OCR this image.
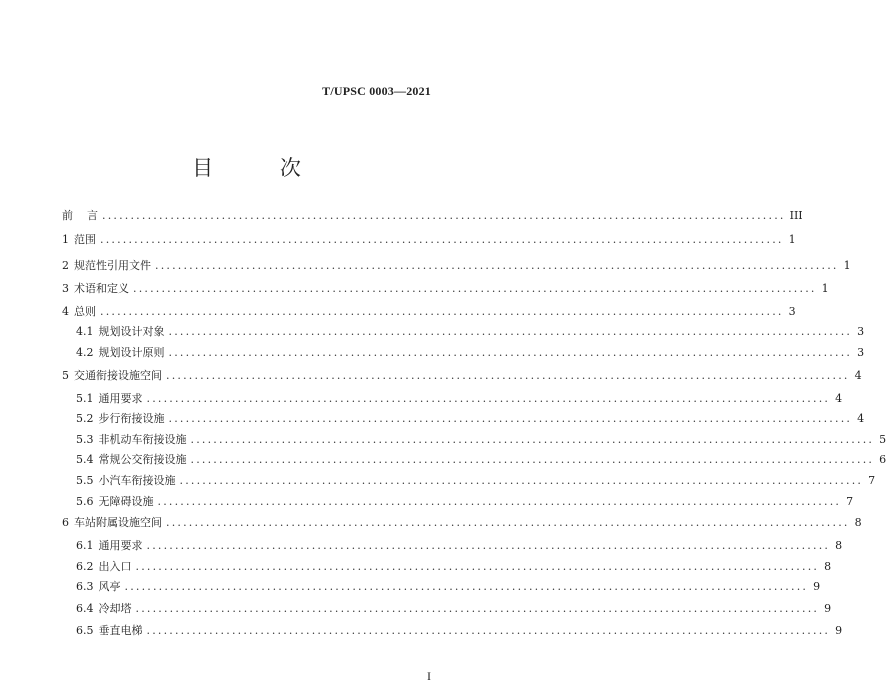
T/UPSC 0003—2021
目 次
前    言 ........................................................................................................................ III
1 范围 ........................................................................................................................ 1
2 规范性引用文件 ........................................................................................................................ 1
3 术语和定义 ........................................................................................................................ 1
4 总则 ........................................................................................................................ 3
4.1 规划设计对象 ........................................................................................................................ 3
4.2 规划设计原则 ........................................................................................................................ 3
5 交通衔接设施空间 ........................................................................................................................ 4
5.1 通用要求 ........................................................................................................................ 4
5.2 步行衔接设施 ........................................................................................................................ 4
5.3 非机动车衔接设施 ........................................................................................................................ 5
5.4 常规公交衔接设施 ........................................................................................................................ 6
5.5 小汽车衔接设施 ........................................................................................................................ 7
5.6 无障碍设施 ........................................................................................................................ 7
6 车站附属设施空间 ........................................................................................................................ 8
6.1 通用要求 ........................................................................................................................ 8
6.2 出入口 ........................................................................................................................ 8
6.3 风亭 ........................................................................................................................ 9
6.4 冷却塔 ........................................................................................................................ 9
6.5 垂直电梯 ........................................................................................................................ 9
I
